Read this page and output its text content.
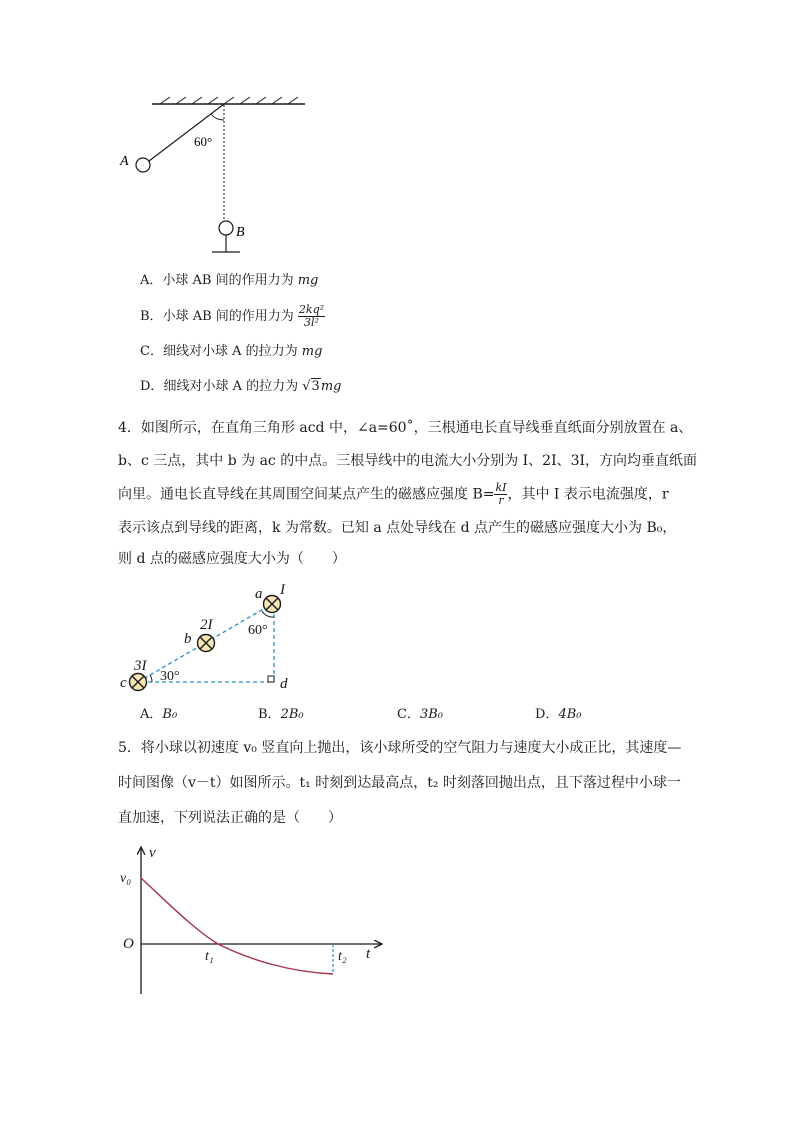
A
B
60°
A．小球 AB 间的作用力为 mg
B．小球 AB 间的作用力为 $\frac{\text{2kq²}}{\text{3l²}}$
C．细线对小球 A 的拉力为 mg
D．细线对小球 A 的拉力为 √3mg
4．如图所示，在直角三角形 acd 中，∠a=60˚，三根通电长直导线垂直纸面分别放置在 a、
b、c 三点，其中 b 为 ac 的中点。三根导线中的电流大小分别为 I、2I、3I，方向均垂直纸面
向里。通电长直导线在其周围空间某点产生的磁感应强度 $B= \frac{kI}{r}$ ，其中 I 表示电流强度，r
表示该点到导线的距离，k 为常数。已知 a 点处导线在 d 点产生的磁感应强度大小为 B₀，
则 d 点的磁感应强度大小为（　　）
a I
b
2I
c
3I
d
60°
30°
A．B₀	B．2B₀	C．3B₀	D．4B₀
5．将小球以初速度 v₀ 竖直向上抛出，该小球所受的空气阻力与速度大小成正比，其速度—
时间图像（v－t）如图所示。t₁ 时刻到达最高点，t₂ 时刻落回抛出点，且下落过程中小球一
直加速，下列说法正确的是（　　）
v
t
O
v₀
t₁	t₂
